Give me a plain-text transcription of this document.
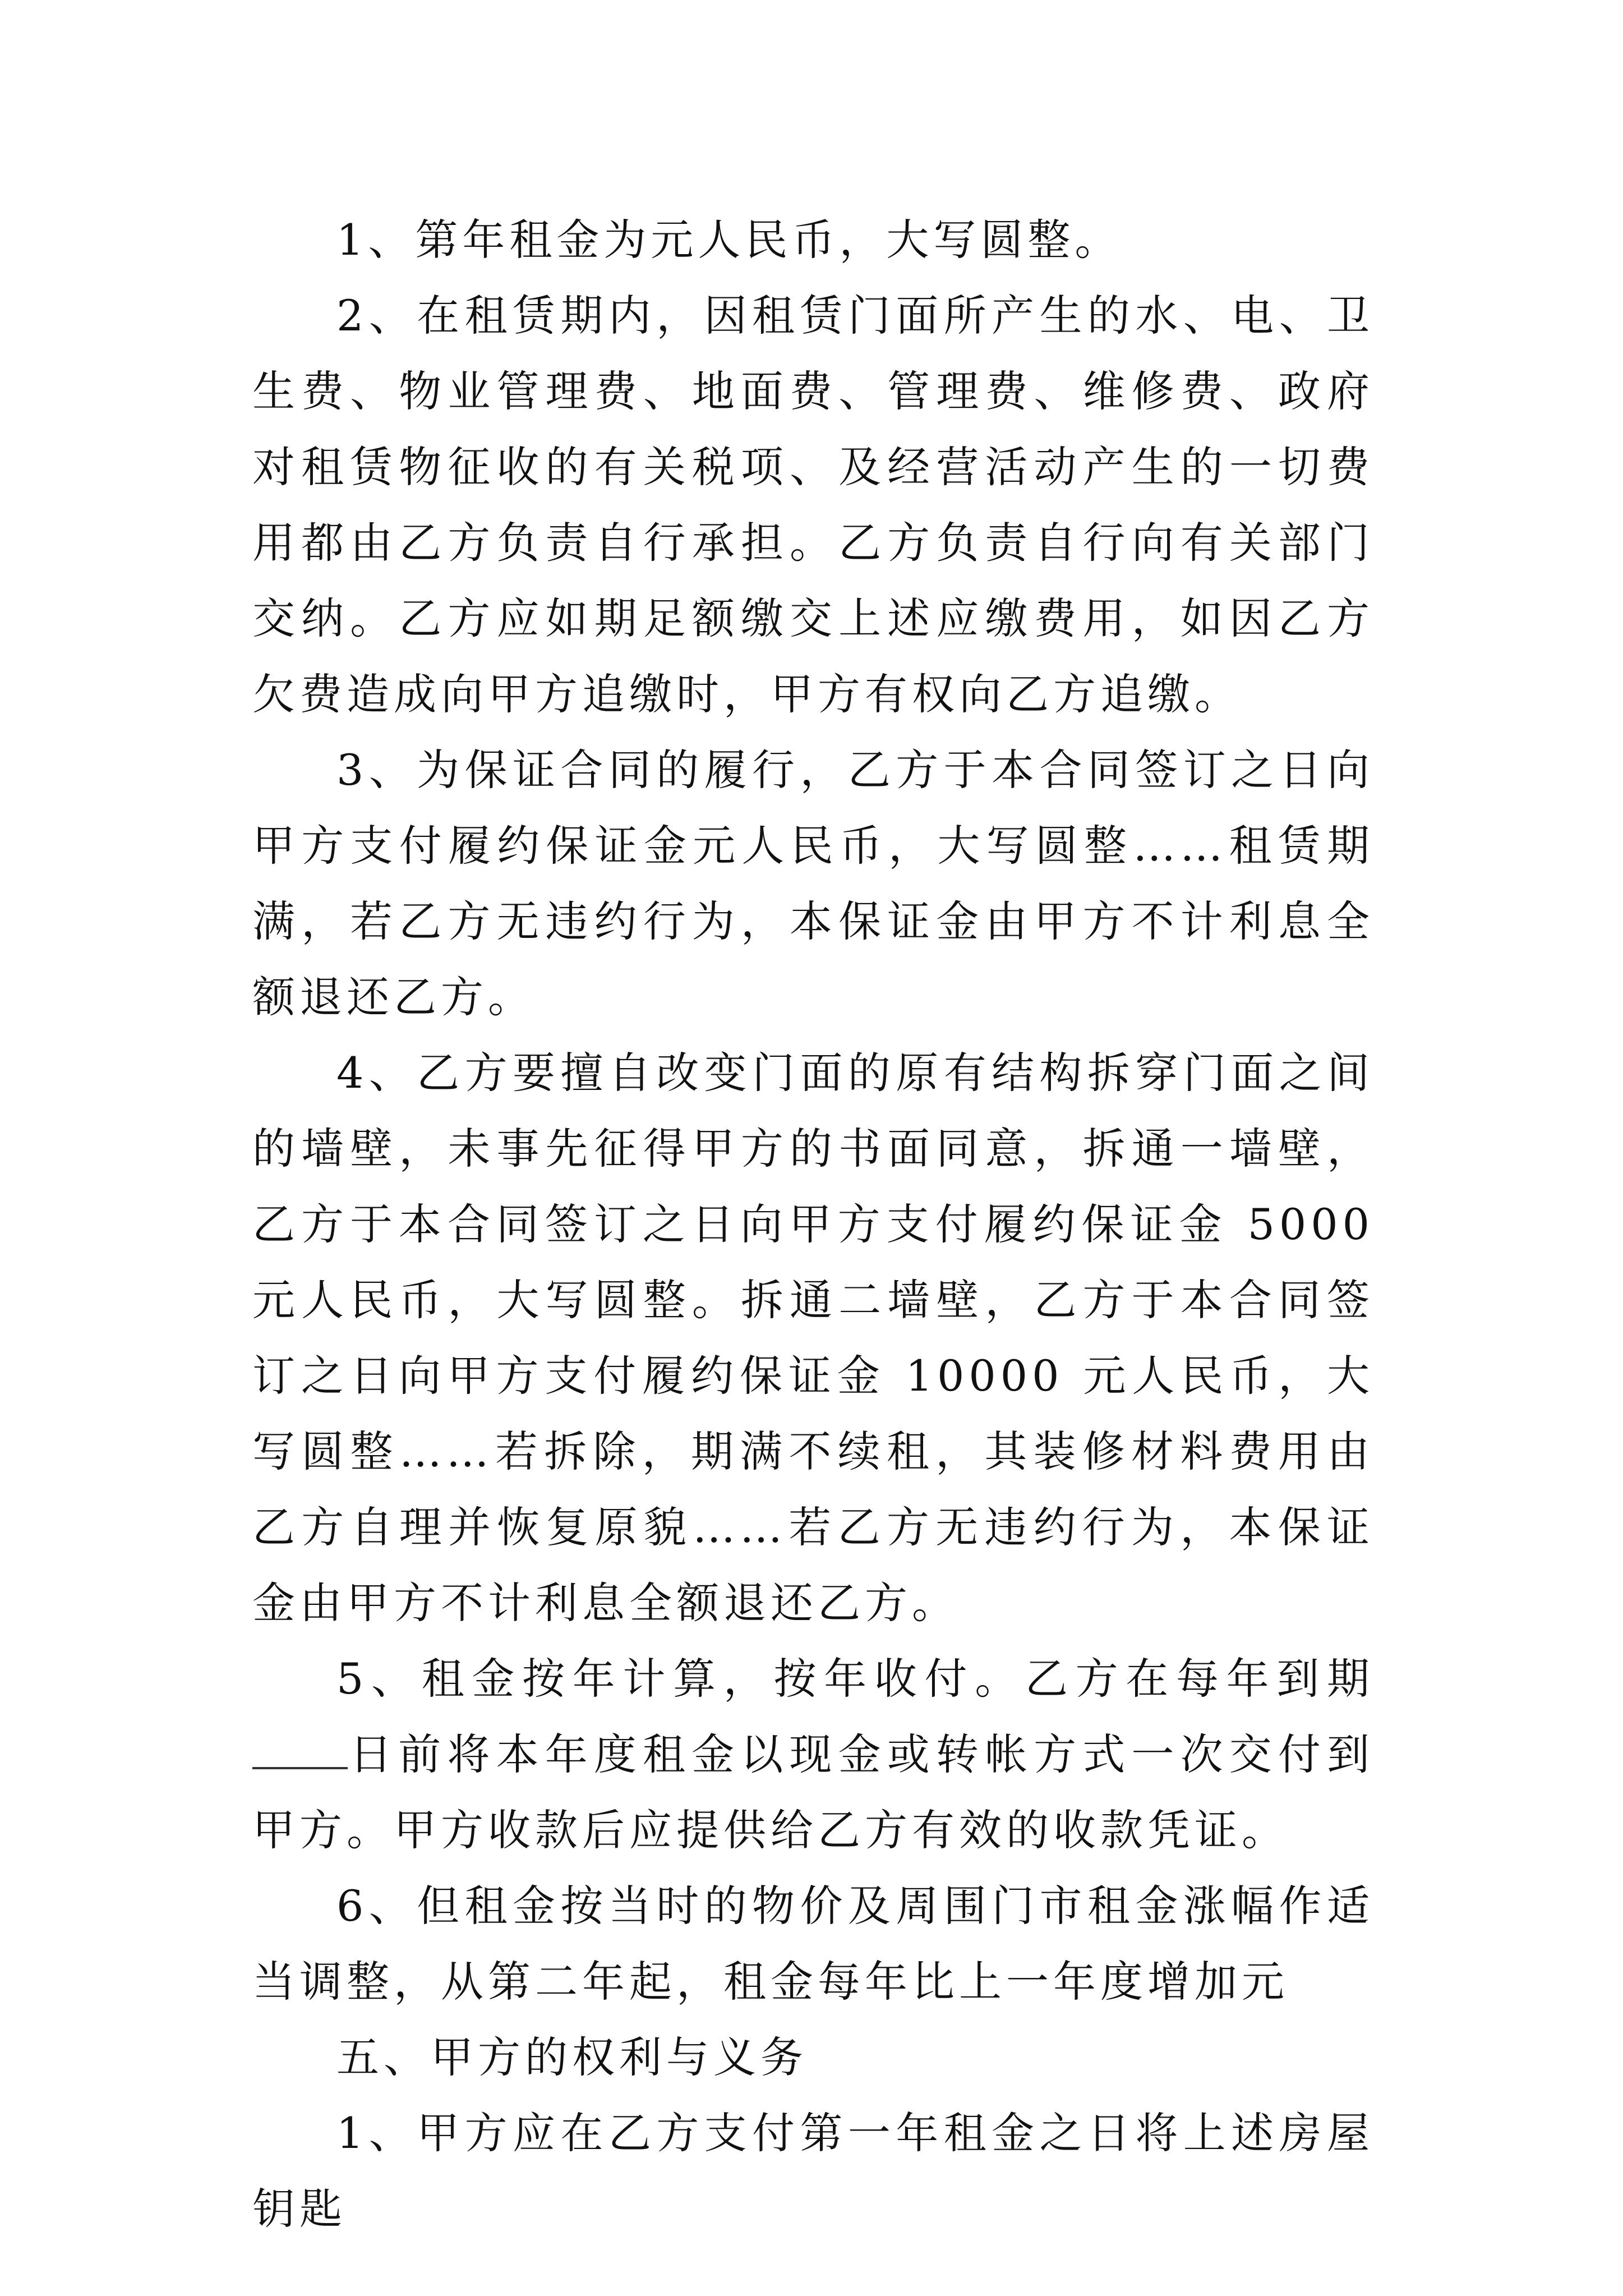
1、第年租金为元人民币，大写圆整。

2、在租赁期内，因租赁门面所产生的水、电、卫生费、物业管理费、地面费、管理费、维修费、政府对租赁物征收的有关税项、及经营活动产生的一切费用都由乙方负责自行承担。乙方负责自行向有关部门交纳。乙方应如期足额缴交上述应缴费用，如因乙方欠费造成向甲方追缴时，甲方有权向乙方追缴。

3、为保证合同的履行，乙方于本合同签订之日向甲方支付履约保证金元人民币，大写圆整……租赁期满，若乙方无违约行为，本保证金由甲方不计利息全额退还乙方。

4、乙方要擅自改变门面的原有结构拆穿门面之间的墙壁，未事先征得甲方的书面同意，拆通一墙壁，乙方于本合同签订之日向甲方支付履约保证金 5000 元人民币，大写圆整。拆通二墙壁，乙方于本合同签订之日向甲方支付履约保证金 10000 元人民币，大写圆整……若拆除，期满不续租，其装修材料费用由乙方自理并恢复原貌……若乙方无违约行为，本保证金由甲方不计利息全额退还乙方。

5、租金按年计算，按年收付。乙方在每年到期日前将本年度租金以现金或转帐方式一次交付到甲方。甲方收款后应提供给乙方有效的收款凭证。

6、但租金按当时的物价及周围门市租金涨幅作适当调整，从第二年起，租金每年比上一年度增加元

五、甲方的权利与义务

1、甲方应在乙方支付第一年租金之日将上述房屋钥匙
